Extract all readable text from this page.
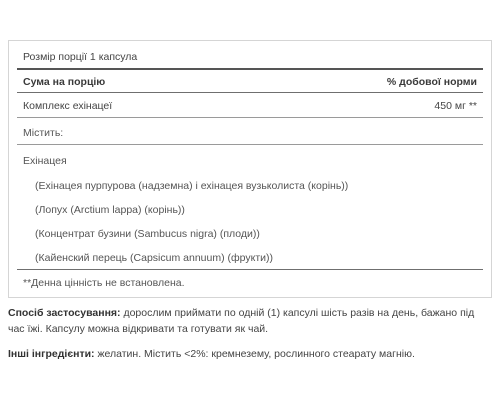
Розмір порції 1 капсула
Сума на порцію	% добової норми
Комплекс ехінацеї	450 мг **
Містить:
Ехінацея
(Ехінацея пурпурова (надземна) і ехінацея вузьколиста (корінь))
(Лопух (Arctium lappa) (корінь))
(Концентрат бузини (Sambucus nigra) (плоди))
(Кайенский перець (Capsicum annuum) (фрукти))
**Денна цінність не встановлена.
Спосіб застосування: дорослим приймати по одній (1) капсулі шість разів на день, бажано під час їжі. Капсулу можна відкривати та готувати як чай.
Інші інгредієнти: желатин. Містить <2%: кремнезему, рослинного стеарату магнію.
